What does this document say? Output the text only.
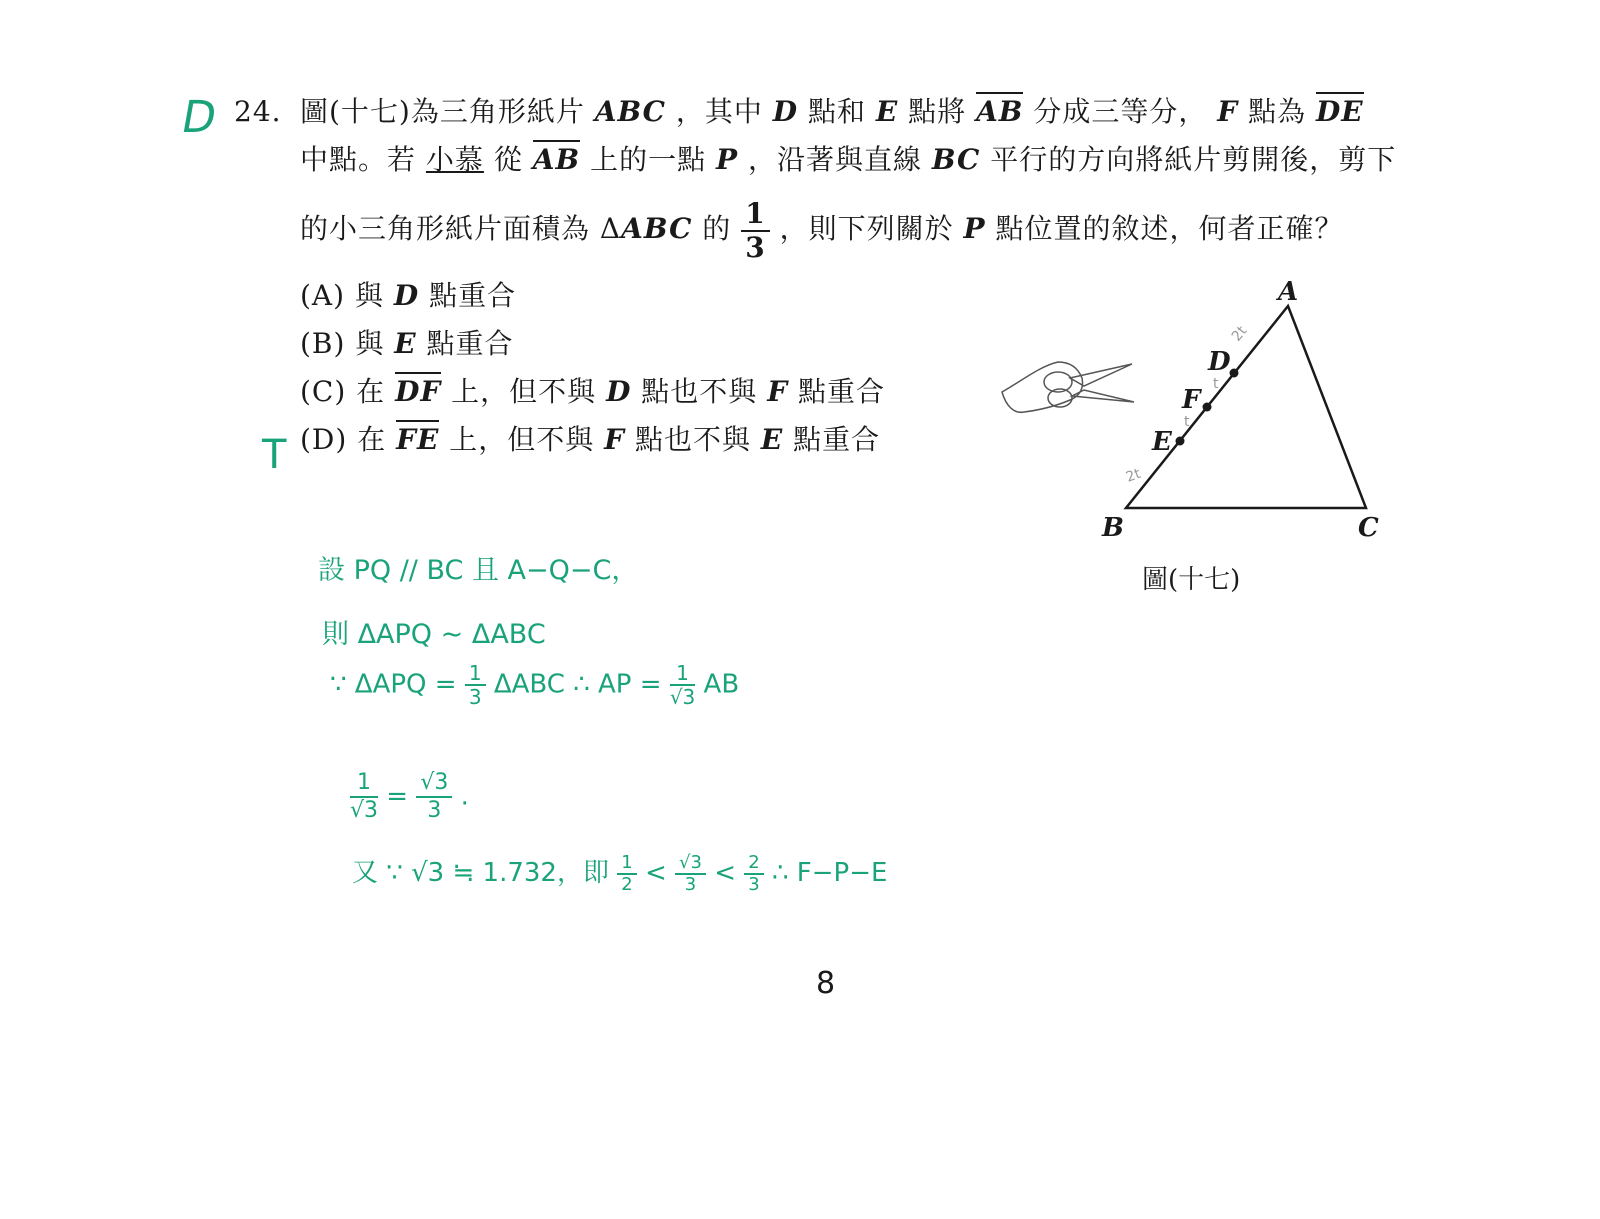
D 24. 圖(十七)為三角形紙片 ABC ，其中 D 點和 E 點將 AB 分成三等分， F 點為 DE
中點。若 小慕 從 AB 上的一點 P ，沿著與直線 BC 平行的方向將紙片剪開後，剪下
的小三角形紙片面積為 ΔABC 的 $\frac{1}{3}$ ，則下列關於 P 點位置的敘述，何者正確？
(A) 與 D 點重合
(B) 與 E 點重合
(C) 在 DF 上，但不與 D 點也不與 F 點重合
(D) 在 FE 上，但不與 F 點也不與 E 點重合
T
A
B	C
D
F
E
2t
t
t
2t
圖(十七)
設 PQ // BC 且 A−Q−C，
則 ΔAPQ ∼ ΔABC
∵ $\Delta APQ = \frac{1}{3}$ ΔABC ∴ AP = $\frac{1}{√3}$ AB
$\frac{1}{√3} = \frac{√3}{3}$ .
又 ∵ √3 ≒ 1.732，即 $\frac{1}{2} < \frac{√3}{3} < \frac{2}{3}$ ∴ F−P−E
8
